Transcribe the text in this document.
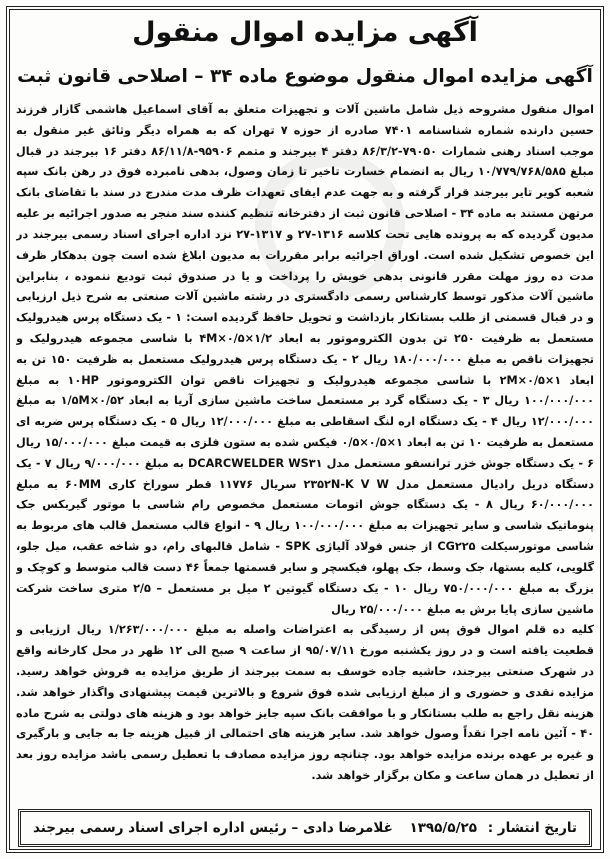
آگهی مزایده اموال منقول
آگهی مزایده اموال منقول موضوع ماده ۳۴ – اصلاحی قانون ثبت

اموال منقول مشروحه ذیل شامل ماشین آلات و تجهیزات متعلق به آقای اسماعیل هاشمی گازار فرزند حسین دارنده شماره شناسنامه ۷۴۰۱ صادره از حوزه ۷ تهران که به همراه دیگر وثائق غیر منقول به موجب اسناد رهنی شمارات ۷۹۰۵۰-۸۶/۳/۲ دفتر ۴ بیرجند و متمم ۹۵۹۰۶-۸۶/۱۱/۸ دفتر ۱۶ بیرجند در قبال مبلغ ۱۰/۷۷۹/۷۶۸/۵۸۵ ریال به انضمام خسارت تاخیر تا زمان وصول، بدهی نامبرده فوق در رهن بانک سپه شعبه کویر تایر بیرجند قرار گرفته و به جهت عدم ایفای تعهدات ظرف مدت مندرج در سند با تقاضای بانک مرتهن مستند به ماده ۳۴ - اصلاحی قانون ثبت از دفترخانه تنظیم کننده سند منجر به صدور اجرائیه بر علیه مدیون گردیده که به پرونده هایی تحت کلاسه ۱۳۱۶-۲۷ و ۱۳۱۷-۲۷ نزد اداره اجرای اسناد رسمی بیرجند در این خصوص تشکیل شده است. اوراق اجرائیه برابر مقررات به مدیون ابلاغ شده است چون بدهکار ظرف مدت ده روز مهلت مقرر قانونی بدهی خویش را پرداخت و یا در صندوق ثبت تودیع ننموده ، بنابراین ماشین آلات مذکور توسط کارشناس رسمی دادگستری در رشته ماشین آلات صنعتی به شرح ذیل ارزیابی و در قبال قسمتی از طلب بستانکار بازداشت و تحویل حافظ گردیده است: ۱ - یک دستگاه پرس هیدرولیک مستعمل به ظرفیت ۲۵۰ تن بدون الکتروموتور به ابعاد ۱/۲×۰/۵×۴M با شاسی مجموعه هیدرولیک و تجهیزات ناقص به مبلغ ۱۸۰/۰۰۰/۰۰۰ ریال ۲ - یک دستگاه پرس هیدرولیک مستعمل به ظرفیت ۱۵۰ تن به ابعاد ۱×۰/۵×۲M با شاسی مجموعه هیدرولیک و تجهیزات ناقص توان الکتروموتور ۱۰HP به مبلغ ۱۰۰/۰۰۰/۰۰۰ ریال ۳ - یک دستگاه گرد بر مستعمل ساخت ماشین سازی آریا به ابعاد ۰/۵۲×۱/۵M به مبلغ ۱۲/۰۰۰/۰۰۰ ریال ۴ - یک دستگاه اره لنگ اسقاطی به مبلغ ۱۲/۰۰۰/۰۰۰ ریال ۵ - یک دستگاه پرس ضربه ای مستعمل به ظرفیت ۱۰ تن به ابعاد ۱×۰/۵×۰/۵ فیکس شده به ستون فلزی به قیمت مبلغ ۱۵/۰۰۰/۰۰۰ ریال ۶ - یک دستگاه جوش خزر ترانسفو مستعمل مدل DCARCWELDER WS۳۱ به مبلغ ۹/۰۰۰/۰۰۰ ریال ۷ - یک دستگاه دریل رادیال مستعمل مدل ۲۳۵۲N-K V W سریال ۱۱۷۷۶ قطر سوراخ کاری ۶۰MM به مبلغ ۶۰/۰۰۰/۰۰۰ ریال ۸ - یک دستگاه جوش اتومات مستعمل مخصوص رام شاسی با موتور گیربکس جک پنوماتیک شاسی و سایر تجهیزات به مبلغ ۱۰۰/۰۰۰/۰۰۰ ریال ۹ - انواع قالب مستعمل قالب های مربوط به شاسی موتورسیکلت CG۲۲۵ از جنس فولاد آلیاژی SPK - شامل قالبهای رام، دو شاخه عقب، میل جلو، گلویی، کلیه بستها، جک وسط، جک پهلو، فیکسچر و سایر قسمتها جمعاً ۴۶ دست قالب متوسط و کوچک و بزرگ به مبلغ ۷۵۰/۰۰۰/۰۰۰ ریال ۱۰ - یک دستگاه گیوتین ۲ میل بر مستعمل – ۲/۵ متری ساخت شرکت ماشین سازی پایا برش به مبلغ ۲۵/۰۰۰/۰۰۰ ریال

کلیه ده قلم اموال فوق پس از رسیدگی به اعتراضات واصله به مبلغ ۱/۲۶۳/۰۰۰/۰۰۰ ریال ارزیابی و قطعیت یافته است و در روز یکشنبه مورخ ۹۵/۰۷/۱۱ از ساعت ۹ صبح الی ۱۲ ظهر در محل کارخانه واقع در شهرک صنعتی بیرجند، حاشیه جاده خوسف به سمت بیرجند از طریق مزایده به فروش خواهد رسید. مزایده نقدی و حضوری و از مبلغ ارزیابی شده فوق شروع و بالاترین قیمت پیشنهادی واگذار خواهد شد. هزینه نقل راجع به طلب بستانکار و با موافقت بانک سپه جایز خواهد بود و هزینه های دولتی به شرح ماده ۴۰ - آئین نامه اجرا نقداً وصول خواهد شد. سایر هزینه های احتمالی از قبیل هزینه جا به جایی و بارگیری و غیره بر عهده برنده مزایده خواهد بود. چنانچه روز مزایده مصادف با تعطیل رسمی باشد مزایده روز بعد از تعطیل در همان ساعت و مکان برگزار خواهد شد.

تاریخ انتشار : ۱۳۹۵/۵/۲۵
غلامرضا دادی – رئیس اداره اجرای اسناد رسمی بیرجند
